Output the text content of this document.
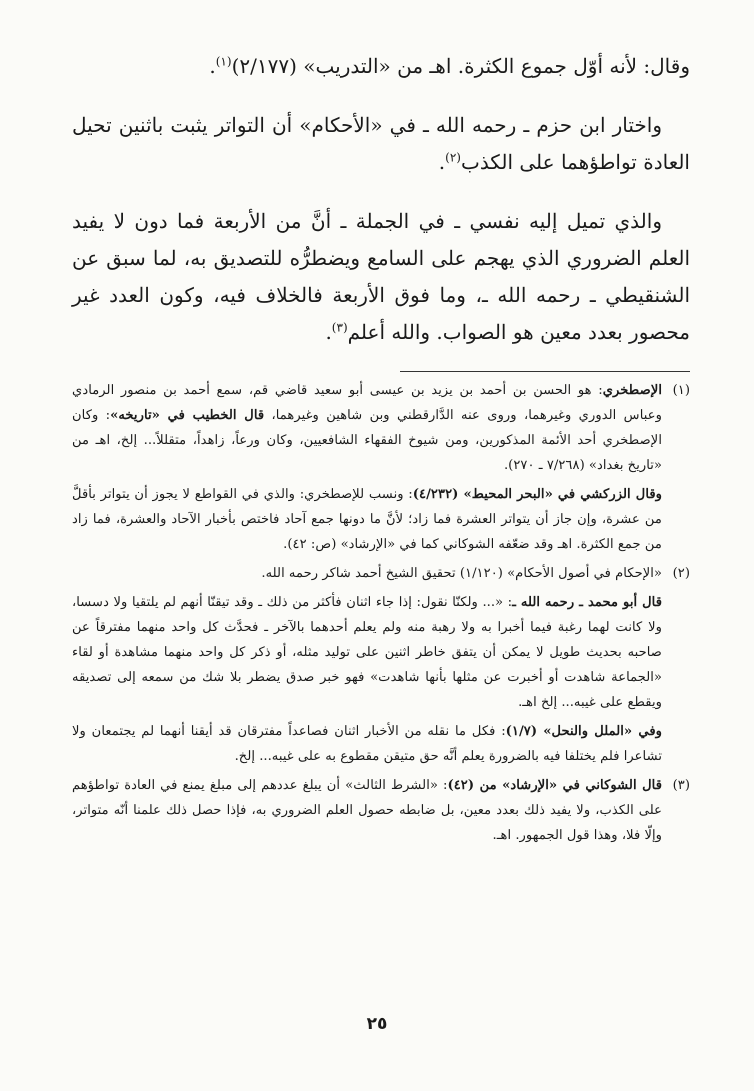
وقال: لأنه أوّل جموع الكثرة. اهـ من «التدريب» (٢/١٧٧)$^{(١)}$.

واختار ابن حزم ـ رحمه الله ـ في «الأحكام» أن التواتر يثبت باثنين تحيل العادة تواطؤهما على الكذب$^{(٢)}$.

والذي تميل إليه نفسي ـ في الجملة ـ أنَّ من الأربعة فما دون لا يفيد العلم الضروري الذي يهجم على السامع ويضطرُّه للتصديق به، لما سبق عن الشنقيطي ـ رحمه الله ـ، وما فوق الأربعة فالخلاف فيه، وكون العدد غير محصور بعدد معين هو الصواب. والله أعلم$^{(٣)}$.

(١)

الإصطخري: هو الحسن بن أحمد بن يزيد بن عيسى أبو سعيد قاضي قم، سمع أحمد بن منصور الرمادي وعباس الدوري وغيرهما، وروى عنه الدَّارقطني وبن شاهين وغيرهما، قال الخطيب في «تاريخه»: وكان الإصطخري أحد الأئمة المذكورين، ومن شيوخ الفقهاء الشافعيين، وكان ورعاً، زاهداً، متقللاً... إلخ، اهـ من «تاريخ بغداد» (٧/٢٦٨ ـ ٢٧٠).

وقال الزركشي في «البحر المحيط» (٤/٢٣٢): ونسب للإصطخري: والذي في القواطع لا يجوز أن يتواتر بأقلَّ من عشرة، وإن جاز أن يتواتر العشرة فما زاد؛ لأنَّ ما دونها جمع آحاد فاختص بأخبار الآحاد والعشرة، فما زاد من جمع الكثرة. اهـ وقد ضعّفه الشوكاني كما في «الإرشاد» (ص: ٤٢).

(٢)

«الإحكام في أصول الأحكام» (١/١٢٠) تحقيق الشيخ أحمد شاكر رحمه الله.

قال أبو محمد ـ رحمه الله ـ: «... ولكنّا نقول: إذا جاء اثنان فأكثر من ذلك ـ وقد تيقنّا أنهم لم يلتقيا ولا دسسا، ولا كانت لهما رغبة فيما أخبرا به ولا رهبة منه ولم يعلم أحدهما بالآخر ـ فحدَّث كل واحد منهما مفترقاً عن صاحبه بحديث طويل لا يمكن أن يتفق خاطر اثنين على توليد مثله، أو ذكر كل واحد منهما مشاهدة أو لقاء «الجماعة شاهدت أو أخبرت عن مثلها بأنها شاهدت» فهو خبر صدق يضطر بلا شك من سمعه إلى تصديقه ويقطع على غيبه... إلخ اهـ.

وفي «الملل والنحل» (١/٧): فكل ما نقله من الأخبار اثنان فصاعداً مفترقان قد أيقنا أنهما لم يجتمعان ولا تشاعرا فلم يختلفا فيه بالضرورة يعلم أنَّه حق متيقن مقطوع به على غيبه... إلخ.

(٣)

قال الشوكاني في «الإرشاد» من (٤٢): «الشرط الثالث» أن يبلغ عددهم إلى مبلغ يمنع في العادة تواطؤهم على الكذب، ولا يفيد ذلك بعدد معين، بل ضابطه حصول العلم الضروري به، فإذا حصل ذلك علمنا أنّه متواتر، وإلّا فلا، وهذا قول الجمهور. اهـ.

٢٥
